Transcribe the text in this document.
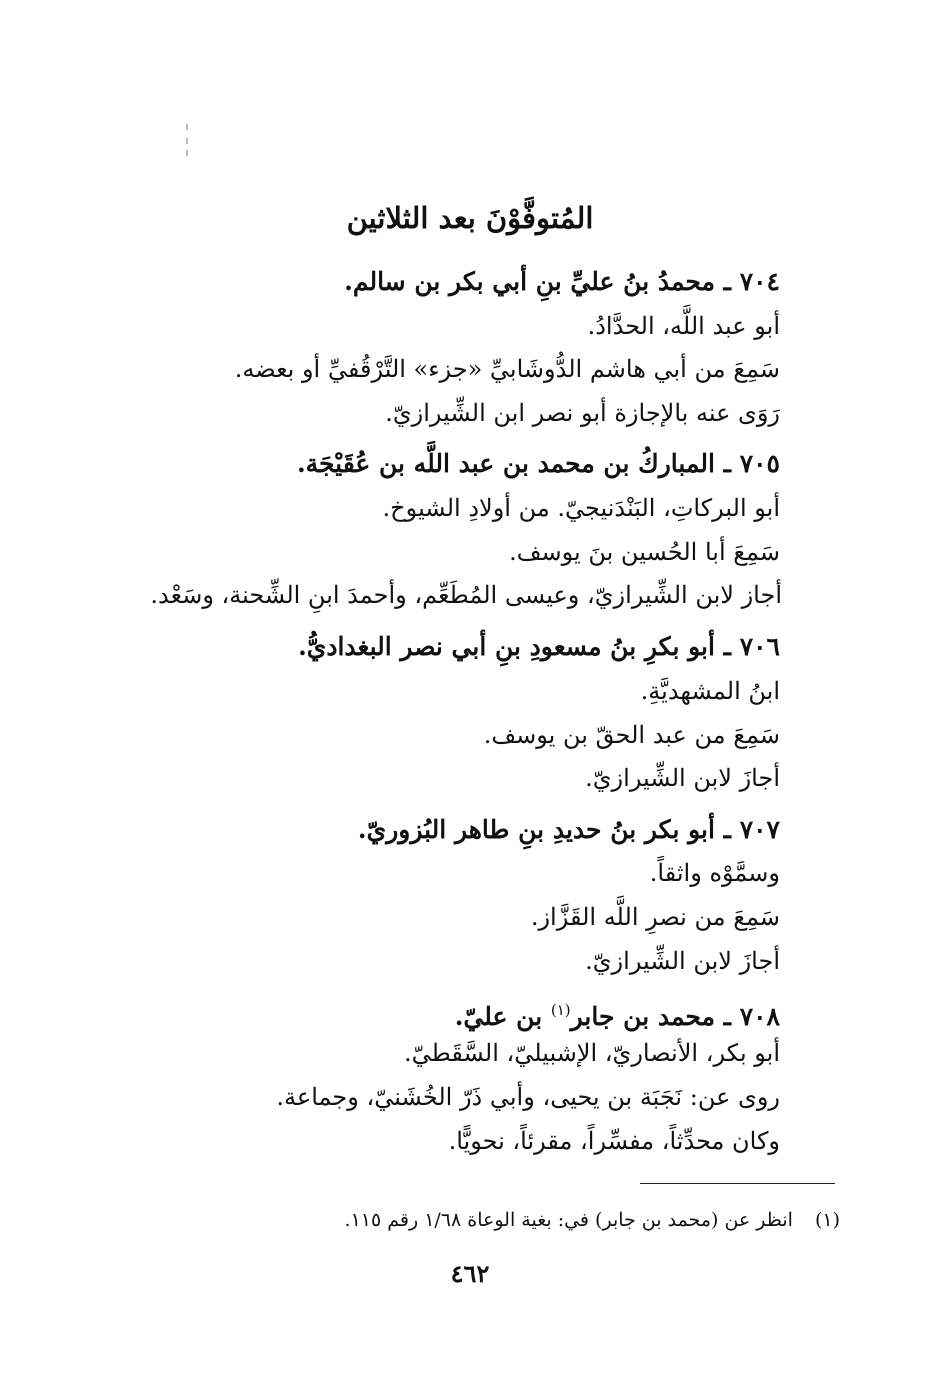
المُتوفَّوْنَ بعد الثلاثين
٧٠٤ ـ محمدُ بنُ عليِّ بنِ أبي بكر بن سالم.
أبو عبد اللَّه، الحدَّادُ.
سَمِعَ من أبي هاشم الدُّوشَابيِّ «جزء» التَّرْقُفيِّ أو بعضه.
رَوَى عنه بالإجازة أبو نصر ابن الشِّيرازيّ.
٧٠٥ ـ المباركُ بن محمد بن عبد اللَّه بن عُقَيْجَة.
أبو البركاتِ، البَنْدَنيجيّ. من أولادِ الشيوخ.
سَمِعَ أبا الحُسين بنَ يوسف.
أجاز لابن الشِّيرازيّ، وعيسى المُطَعِّم، وأحمدَ ابنِ الشِّحنة، وسَعْد.
٧٠٦ ـ أبو بكرِ بنُ مسعودِ بنِ أبي نصر البغداديُّ.
ابنُ المشهديَّةِ.
سَمِعَ من عبد الحقّ بن يوسف.
أجازَ لابن الشِّيرازيّ.
٧٠٧ ـ أبو بكر بنُ حديدِ بنِ طاهر البُزوريّ.
وسمَّوْه واثقاً.
سَمِعَ من نصرِ اللَّه القَزَّاز.
أجازَ لابن الشِّيرازيّ.
٧٠٨ ـ محمد بن جابر$^{(١)}$ بن عليّ.
أبو بكر، الأنصاريّ، الإشبيليّ، السَّقَطيّ.
روى عن: نَجَبَة بن يحيى، وأبي ذَرّ الخُشَنيّ، وجماعة.
وكان محدِّثاً، مفسِّراً، مقرئاً، نحويًّا.
(١)انظر عن (محمد بن جابر) في: بغية الوعاة ١/٦٨ رقم ١١٥.
٤٦٢
